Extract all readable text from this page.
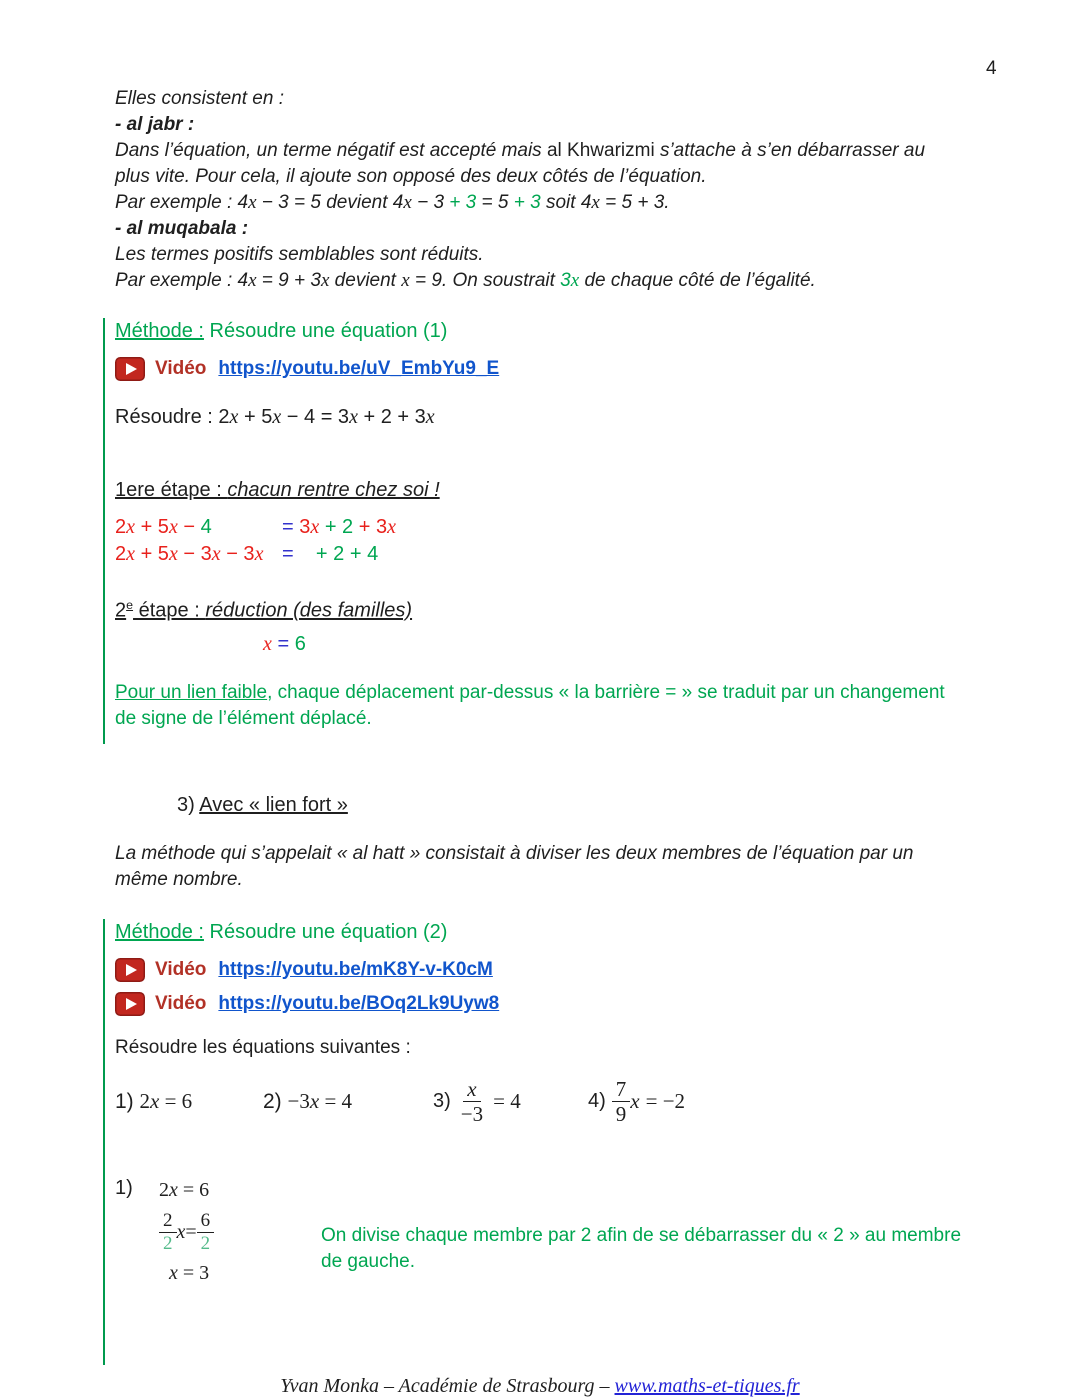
4
Elles consistent en :
- al jabr :
Dans l’équation, un terme négatif est accepté mais al Khwarizmi s’attache à s’en débarrasser au plus vite. Pour cela, il ajoute son opposé des deux côtés de l’équation.
Par exemple : 4x − 3 = 5 devient 4x − 3 + 3 = 5 + 3 soit 4x = 5 + 3.
- al muqabala :
Les termes positifs semblables sont réduits.
Par exemple : 4x = 9 + 3x devient x = 9. On soustrait 3x de chaque côté de l’égalité.
Méthode : Résoudre une équation (1)
Vidéo https://youtu.be/uV_EmbYu9_E
Résoudre : 2x + 5x − 4 = 3x + 2 + 3x
1ere étape : chacun rentre chez soi !
2x + 5x − 4	= 3x + 2 + 3x
2x + 5x − 3x − 3x =    + 2 + 4
2e étape : réduction (des familles)
x = 6
Pour un lien faible, chaque déplacement par-dessus « la barrière = » se traduit par un changement de signe de l’élément déplacé.
3) Avec « lien fort »
La méthode qui s’appelait « al hatt » consistait à diviser les deux membres de l’équation par un même nombre.
Méthode : Résoudre une équation (2)
Vidéo https://youtu.be/mK8Y-v-K0cM
Vidéo https://youtu.be/BOq2Lk9Uyw8
Résoudre les équations suivantes :
1) 2x = 6	2) −3x = 4	$3) \frac{x}{-3} = 4$	$4) \frac{7}{9}$ x = −2
1)	2x = 6
$\frac{2}{2}$ $x = \frac{6}{2}$
x = 3
On divise chaque membre par 2 afin de se débarrasser du « 2 » au membre de gauche.
Yvan Monka – Académie de Strasbourg – www.maths-et-tiques.fr
